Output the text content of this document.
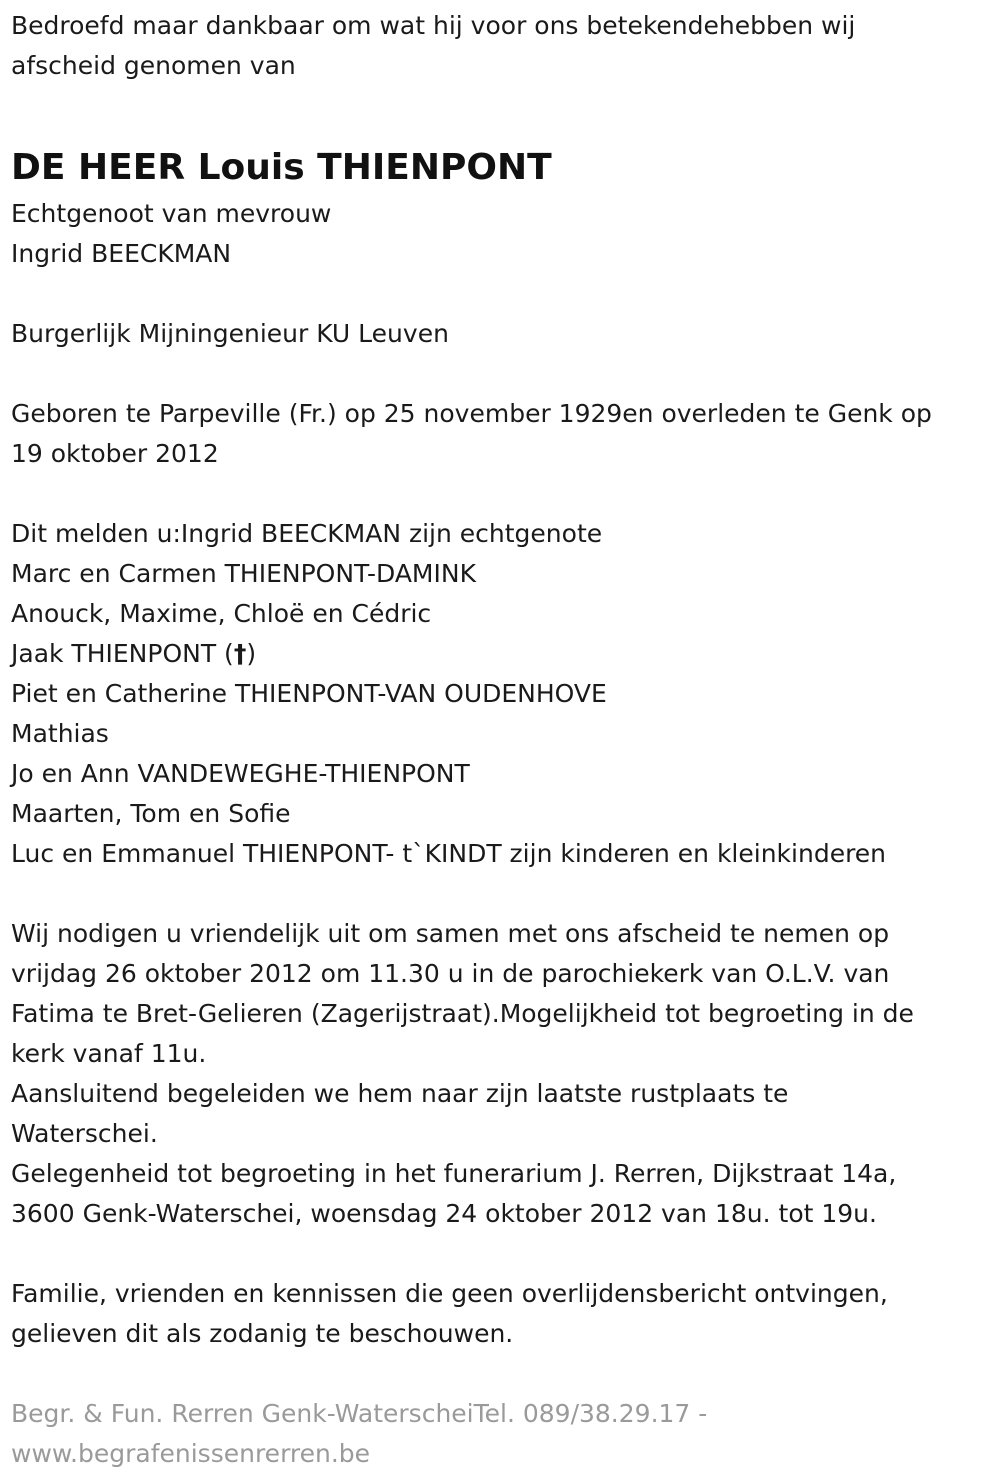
Bedroefd maar dankbaar om wat hij voor ons betekendehebben wij
afscheid genomen van
DE HEER Louis THIENPONT
Echtgenoot van mevrouw
Ingrid BEECKMAN
Burgerlijk Mijningenieur KU Leuven
Geboren te Parpeville (Fr.) op 25 november 1929en overleden te Genk op
19 oktober 2012
Dit melden u:Ingrid BEECKMAN zijn echtgenote
Marc en Carmen THIENPONT-DAMINK
Anouck, Maxime, Chloë en Cédric
Jaak THIENPONT (†)
Piet en Catherine THIENPONT-VAN OUDENHOVE
Mathias
Jo en Ann VANDEWEGHE-THIENPONT
Maarten, Tom en Sofie
Luc en Emmanuel THIENPONT- t`KINDT zijn kinderen en kleinkinderen
Wij nodigen u vriendelijk uit om samen met ons afscheid te nemen op
vrijdag 26 oktober 2012 om 11.30 u in de parochiekerk van O.L.V. van
Fatima te Bret-Gelieren (Zagerijstraat).Mogelijkheid tot begroeting in de
kerk vanaf 11u.
Aansluitend begeleiden we hem naar zijn laatste rustplaats te
Waterschei.
Gelegenheid tot begroeting in het funerarium J. Rerren, Dijkstraat 14a,
3600 Genk-Waterschei, woensdag 24 oktober 2012 van 18u. tot 19u.
Familie, vrienden en kennissen die geen overlijdensbericht ontvingen,
gelieven dit als zodanig te beschouwen.
Begr. & Fun. Rerren Genk-WaterscheiTel. 089/38.29.17 -
www.begrafenissenrerren.be
